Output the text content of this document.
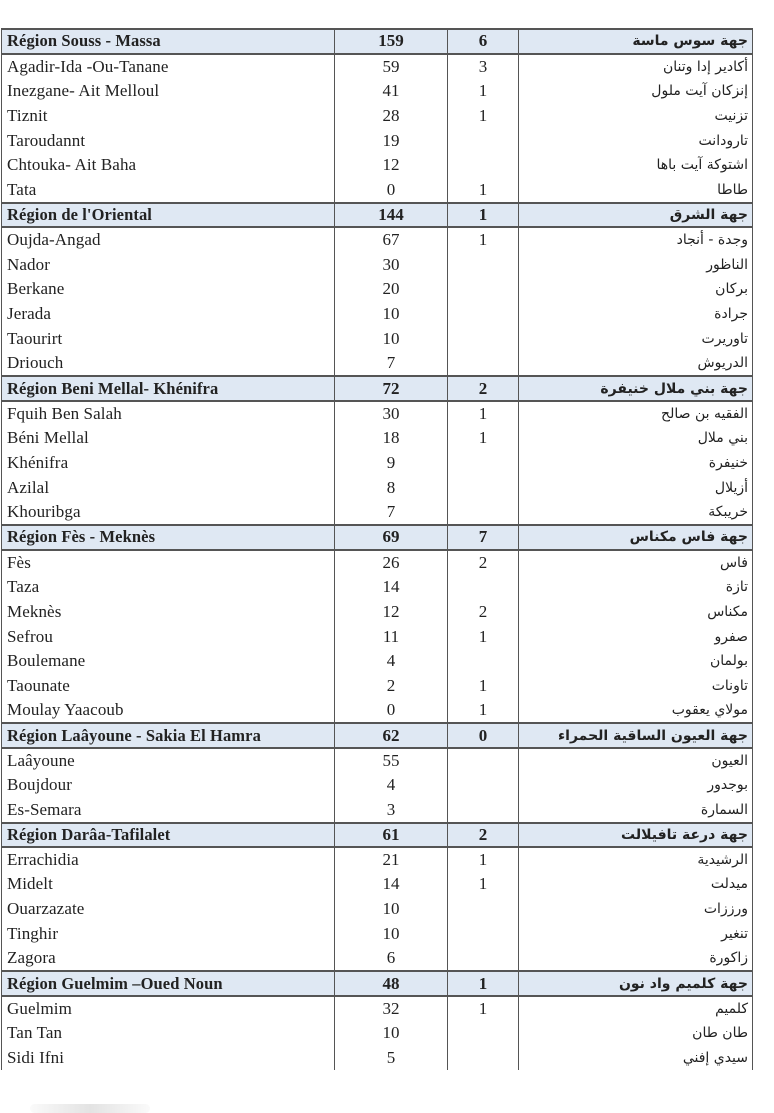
Région Souss - Massa	159	6	جهة سوس ماسة
Agadir-Ida -Ou-Tanane	59	3	أكادير إدا وتنان
Inezgane- Ait Melloul	41	1	إنزكان آيت ملول
Tiznit	28	1	تزنيت
Taroudannt	19		تارودانت
Chtouka- Ait Baha	12		اشتوكة آيت باها
Tata	0	1	طاطا
Région de l'Oriental	144	1	جهة الشرق
Oujda-Angad	67	1	وجدة - أنجاد
Nador	30		الناظور
Berkane	20		بركان
Jerada	10		جرادة
Taourirt	10		تاوريرت
Driouch	7		الدريوش
Région Beni Mellal- Khénifra	72	2	جهة بني ملال خنيفرة
Fquih Ben Salah	30	1	الفقيه بن صالح
Béni Mellal	18	1	بني ملال
Khénifra	9		خنيفرة
Azilal	8		أزيلال
Khouribga	7		خريبكة
Région Fès - Meknès	69	7	جهة فاس مكناس
Fès	26	2	فاس
Taza	14		تازة
Meknès	12	2	مكناس
Sefrou	11	1	صفرو
Boulemane	4		بولمان
Taounate	2	1	تاونات
Moulay Yaacoub	0	1	مولاي يعقوب
Région Laâyoune - Sakia El Hamra	62	0	جهة العيون الساقية الحمراء
Laâyoune	55		العيون
Boujdour	4		بوجدور
Es-Semara	3		السمارة
Région Darâa-Tafilalet	61	2	جهة درعة تافيلالت
Errachidia	21	1	الرشيدية
Midelt	14	1	ميدلت
Ouarzazate	10		ورززات
Tinghir	10		تنغير
Zagora	6		زاكورة
Région Guelmim –Oued Noun	48	1	جهة كلميم واد نون
Guelmim	32	1	كلميم
Tan Tan	10		طان طان
Sidi Ifni	5		سيدي إفني
